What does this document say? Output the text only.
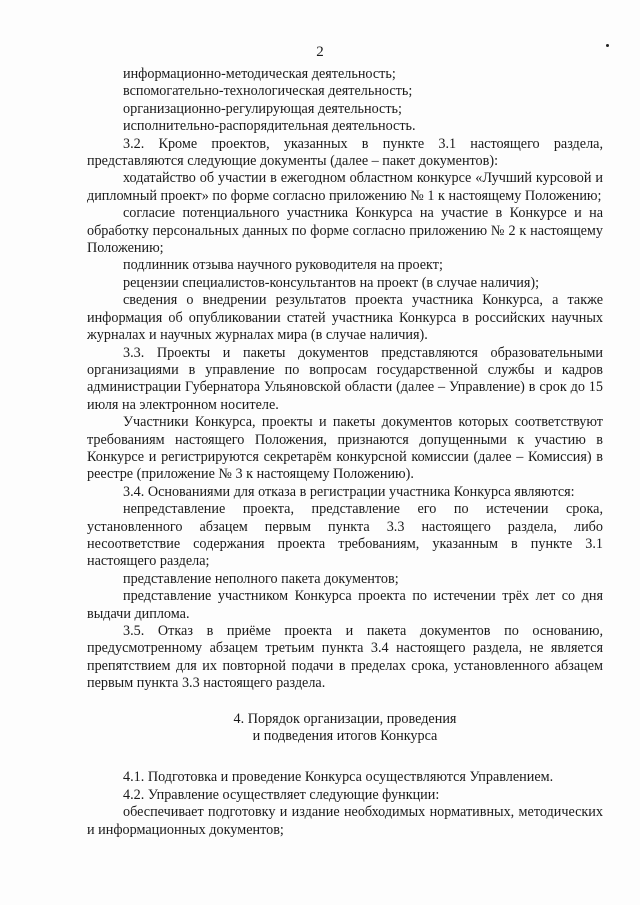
2

информационно-методическая деятельность;

вспомогательно-технологическая деятельность;

организационно-регулирующая деятельность;

исполнительно-распорядительная деятельность.

3.2. Кроме проектов, указанных в пункте 3.1 настоящего раздела, представляются следующие документы (далее – пакет документов):

ходатайство об участии в ежегодном областном конкурсе «Лучший курсовой и дипломный проект» по форме согласно приложению № 1 к настоящему Положению;

согласие потенциального участника Конкурса на участие в Конкурсе и на обработку персональных данных по форме согласно приложению № 2 к настоящему Положению;

подлинник отзыва научного руководителя на проект;

рецензии специалистов-консультантов на проект (в случае наличия);

сведения о внедрении результатов проекта участника Конкурса, а также информация об опубликовании статей участника Конкурса в российских научных журналах и научных журналах мира (в случае наличия).

3.3. Проекты и пакеты документов представляются образовательными организациями в управление по вопросам государственной службы и кадров администрации Губернатора Ульяновской области (далее – Управление) в срок до 15 июля на электронном носителе.

Участники Конкурса, проекты и пакеты документов которых соответствуют требованиям настоящего Положения, признаются допущенными к участию в Конкурсе и регистрируются секретарём конкурсной комиссии (далее – Комиссия) в реестре (приложение № 3 к настоящему Положению).

3.4. Основаниями для отказа в регистрации участника Конкурса являются:

непредставление проекта, представление его по истечении срока, установленного абзацем первым пункта 3.3 настоящего раздела, либо несоответствие содержания проекта требованиям, указанным в пункте 3.1 настоящего раздела;

представление неполного пакета документов;

представление участником Конкурса проекта по истечении трёх лет со дня выдачи диплома.

3.5. Отказ в приёме проекта и пакета документов по основанию, предусмотренному абзацем третьим пункта 3.4 настоящего раздела, не является препятствием для их повторной подачи в пределах срока, установленного абзацем первым пункта 3.3 настоящего раздела.

4. Порядок организации, проведения
и подведения итогов Конкурса

4.1. Подготовка и проведение Конкурса осуществляются Управлением.

4.2. Управление осуществляет следующие функции:

обеспечивает подготовку и издание необходимых нормативных, методических и информационных документов;
